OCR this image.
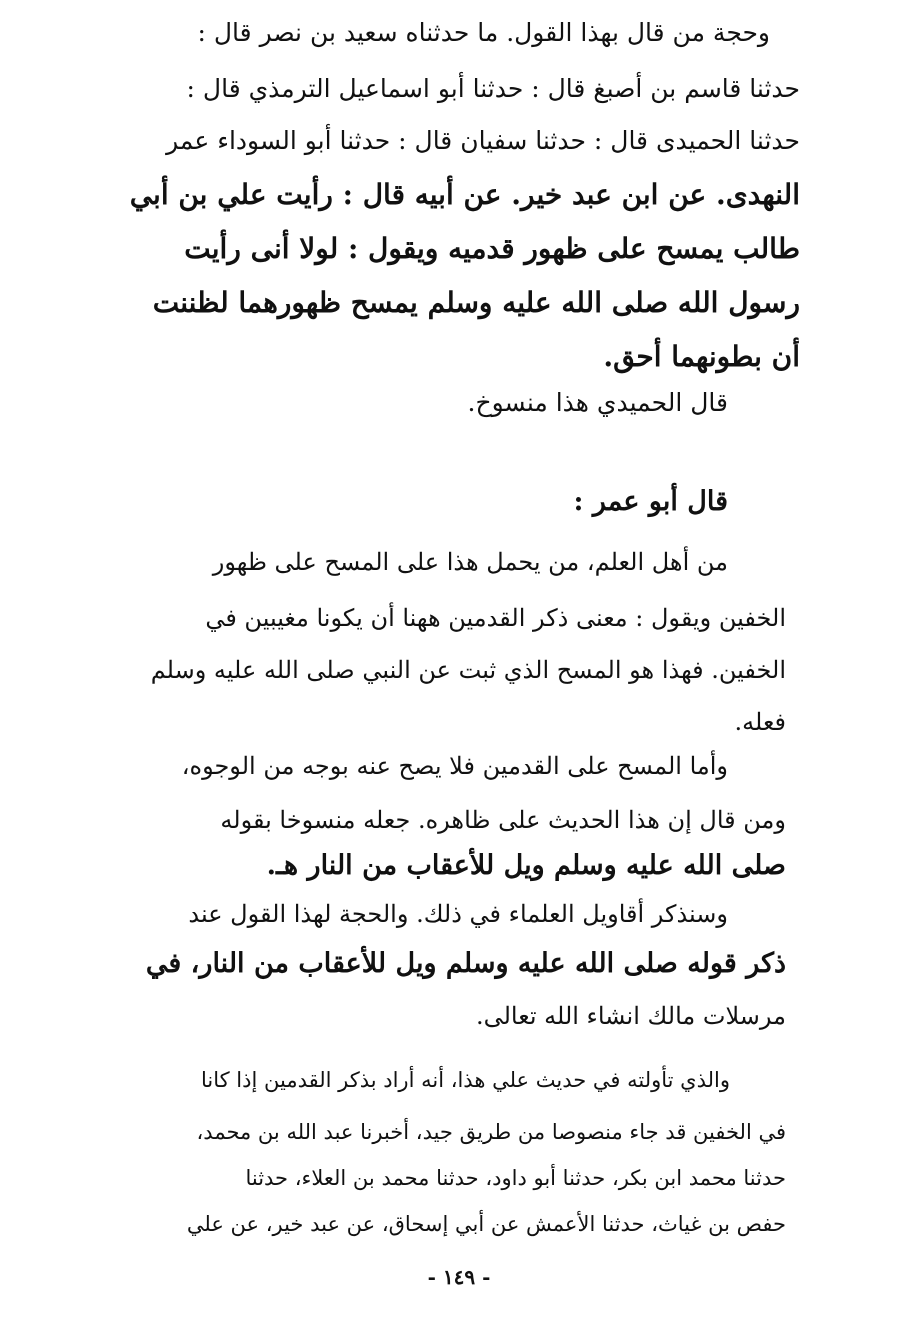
وحجة من قال بهذا القول. ما حدثناه سعيد بن نصر قال :
حدثنا قاسم بن أصبغ قال : حدثنا أبو اسماعيل الترمذي قال :
حدثنا الحميدى قال : حدثنا سفيان قال : حدثنا أبو السوداء عمر
النهدى. عن ابن عبد خير. عن أبيه قال : رأيت علي بن أبي
طالب يمسح على ظهور قدميه ويقول : لولا أنى رأيت
رسول الله صلى الله عليه وسلم يمسح ظهورهما لظننت
أن بطونهما أحق.
قال الحميدي هذا منسوخ.
قال أبو عمر :
من أهل العلم، من يحمل هذا على المسح على ظهور
الخفين ويقول : معنى ذكر القدمين ههنا أن يكونا مغيبين في
الخفين. فهذا هو المسح الذي ثبت عن النبي صلى الله عليه وسلم
فعله.
وأما المسح على القدمين فلا يصح عنه بوجه من الوجوه،
ومن قال إن هذا الحديث على ظاهره. جعله منسوخا بقوله
صلى الله عليه وسلم ويل للأعقاب من النار هـ.
وسنذكر أقاويل العلماء في ذلك. والحجة لهذا القول عند
ذكر قوله صلى الله عليه وسلم ويل للأعقاب من النار، في
مرسلات مالك انشاء الله تعالى.
والذي تأولته في حديث علي هذا، أنه أراد بذكر القدمين إذا كانا
في الخفين قد جاء منصوصا من طريق جيد، أخبرنا عبد الله بن محمد،
حدثنا محمد ابن بكر، حدثنا أبو داود، حدثنا محمد بن العلاء، حدثنا
حفص بن غياث، حدثنا الأعمش عن أبي إسحاق، عن عبد خير، عن علي
- ١٤٩ -
